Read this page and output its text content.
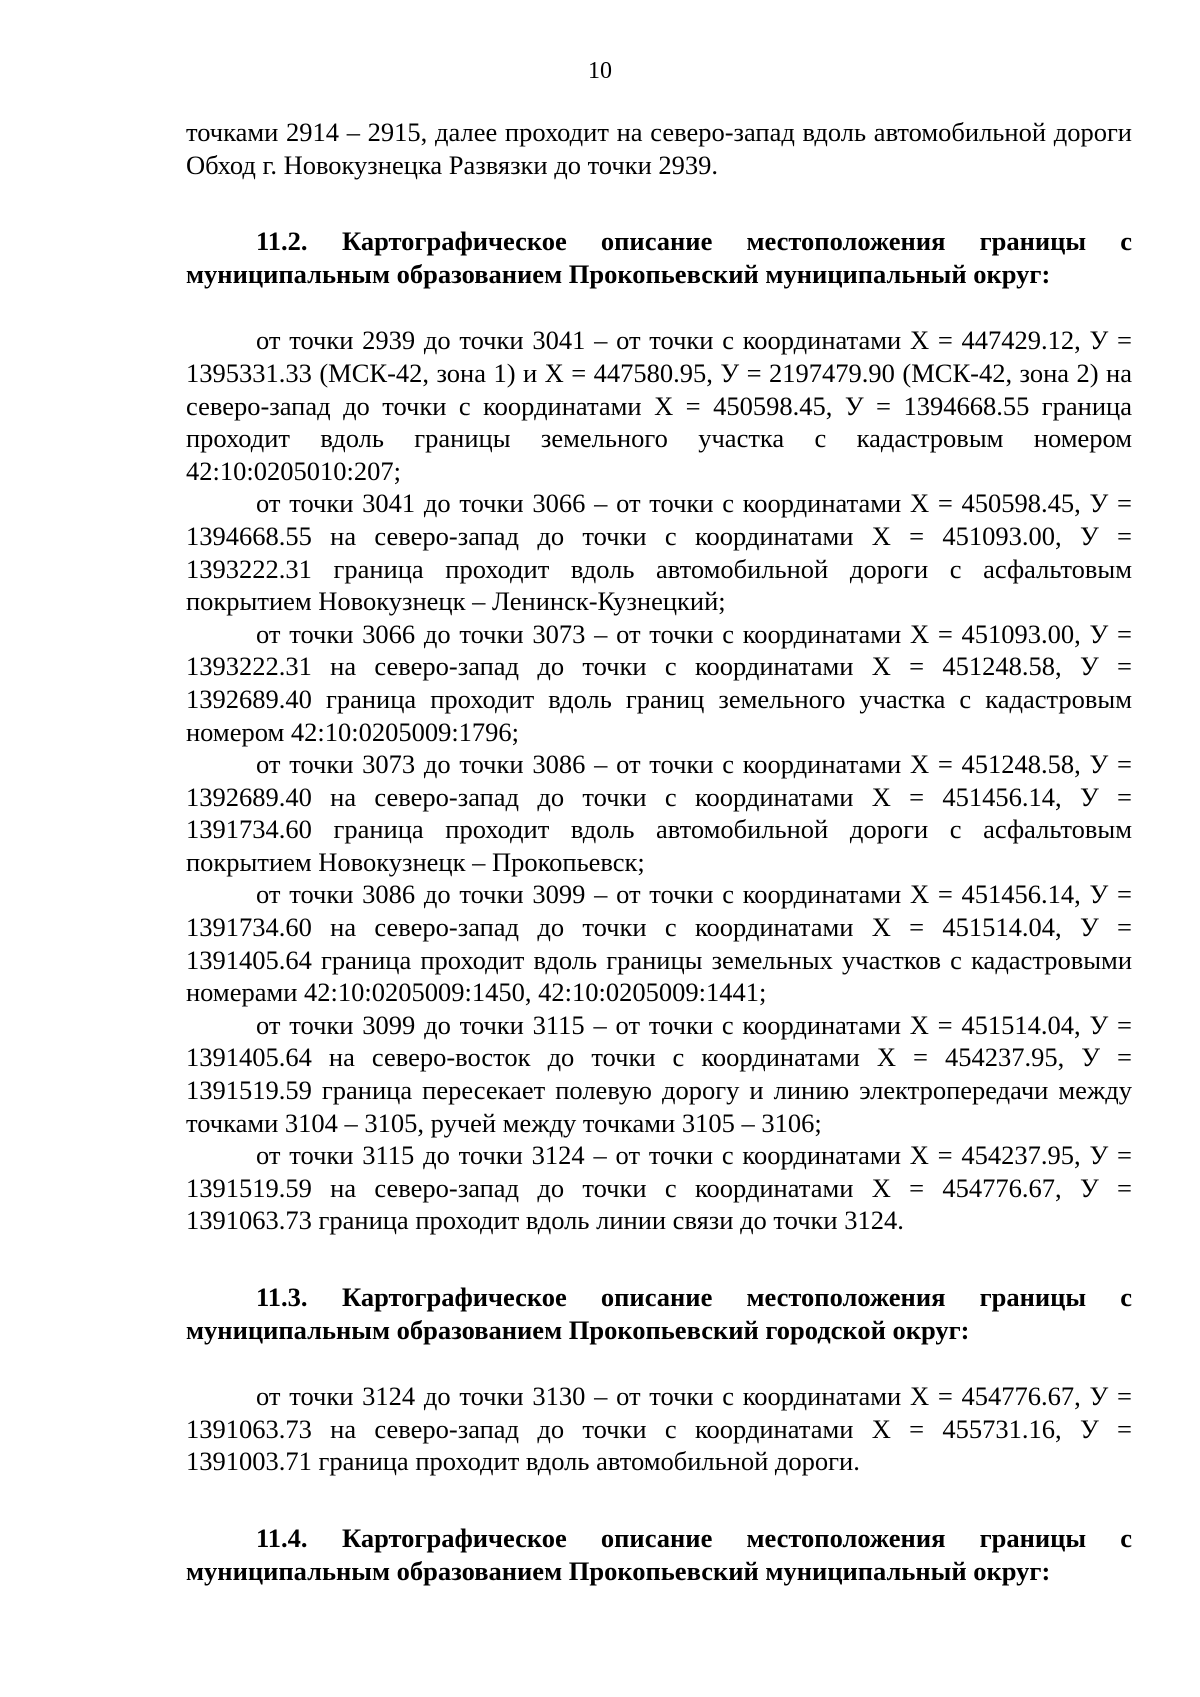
10

точками 2914 – 2915, далее проходит на северо-запад вдоль автомобильной дороги Обход г. Новокузнецка Развязки до точки 2939.

11.2. Картографическое описание местоположения границы с муниципальным образованием Прокопьевский муниципальный округ:

от точки 2939 до точки 3041 – от точки с координатами Х = 447429.12, У = 1395331.33 (МСК-42, зона 1) и Х = 447580.95, У = 2197479.90 (МСК-42, зона 2) на северо-запад до точки с координатами Х = 450598.45, У = 1394668.55 граница проходит вдоль границы земельного участка с кадастровым номером 42:10:0205010:207;

от точки 3041 до точки 3066 – от точки с координатами Х = 450598.45, У = 1394668.55 на северо-запад до точки с координатами Х = 451093.00, У = 1393222.31 граница проходит вдоль автомобильной дороги с асфальтовым покрытием Новокузнецк – Ленинск-Кузнецкий;

от точки 3066 до точки 3073 – от точки с координатами Х = 451093.00, У = 1393222.31 на северо-запад до точки с координатами Х = 451248.58, У = 1392689.40 граница проходит вдоль границ земельного участка с кадастровым номером 42:10:0205009:1796;

от точки 3073 до точки 3086 – от точки с координатами Х = 451248.58, У = 1392689.40 на северо-запад до точки с координатами Х = 451456.14, У = 1391734.60 граница проходит вдоль автомобильной дороги с асфальтовым покрытием Новокузнецк – Прокопьевск;

от точки 3086 до точки 3099 – от точки с координатами Х = 451456.14, У = 1391734.60 на северо-запад до точки с координатами Х = 451514.04, У = 1391405.64 граница проходит вдоль границы земельных участков с кадастровыми номерами 42:10:0205009:1450, 42:10:0205009:1441;

от точки 3099 до точки 3115 – от точки с координатами Х = 451514.04, У = 1391405.64 на северо-восток до точки с координатами Х = 454237.95, У = 1391519.59 граница пересекает полевую дорогу и линию электропередачи между точками 3104 – 3105, ручей между точками 3105 – 3106;

от точки 3115 до точки 3124 – от точки с координатами Х = 454237.95, У = 1391519.59 на северо-запад до точки с координатами Х = 454776.67, У = 1391063.73 граница проходит вдоль линии связи до точки 3124.

11.3. Картографическое описание местоположения границы с муниципальным образованием Прокопьевский городской округ:

от точки 3124 до точки 3130 – от точки с координатами Х = 454776.67, У = 1391063.73 на северо-запад до точки с координатами Х = 455731.16, У = 1391003.71 граница проходит вдоль автомобильной дороги.

11.4. Картографическое описание местоположения границы с муниципальным образованием Прокопьевский муниципальный округ:
